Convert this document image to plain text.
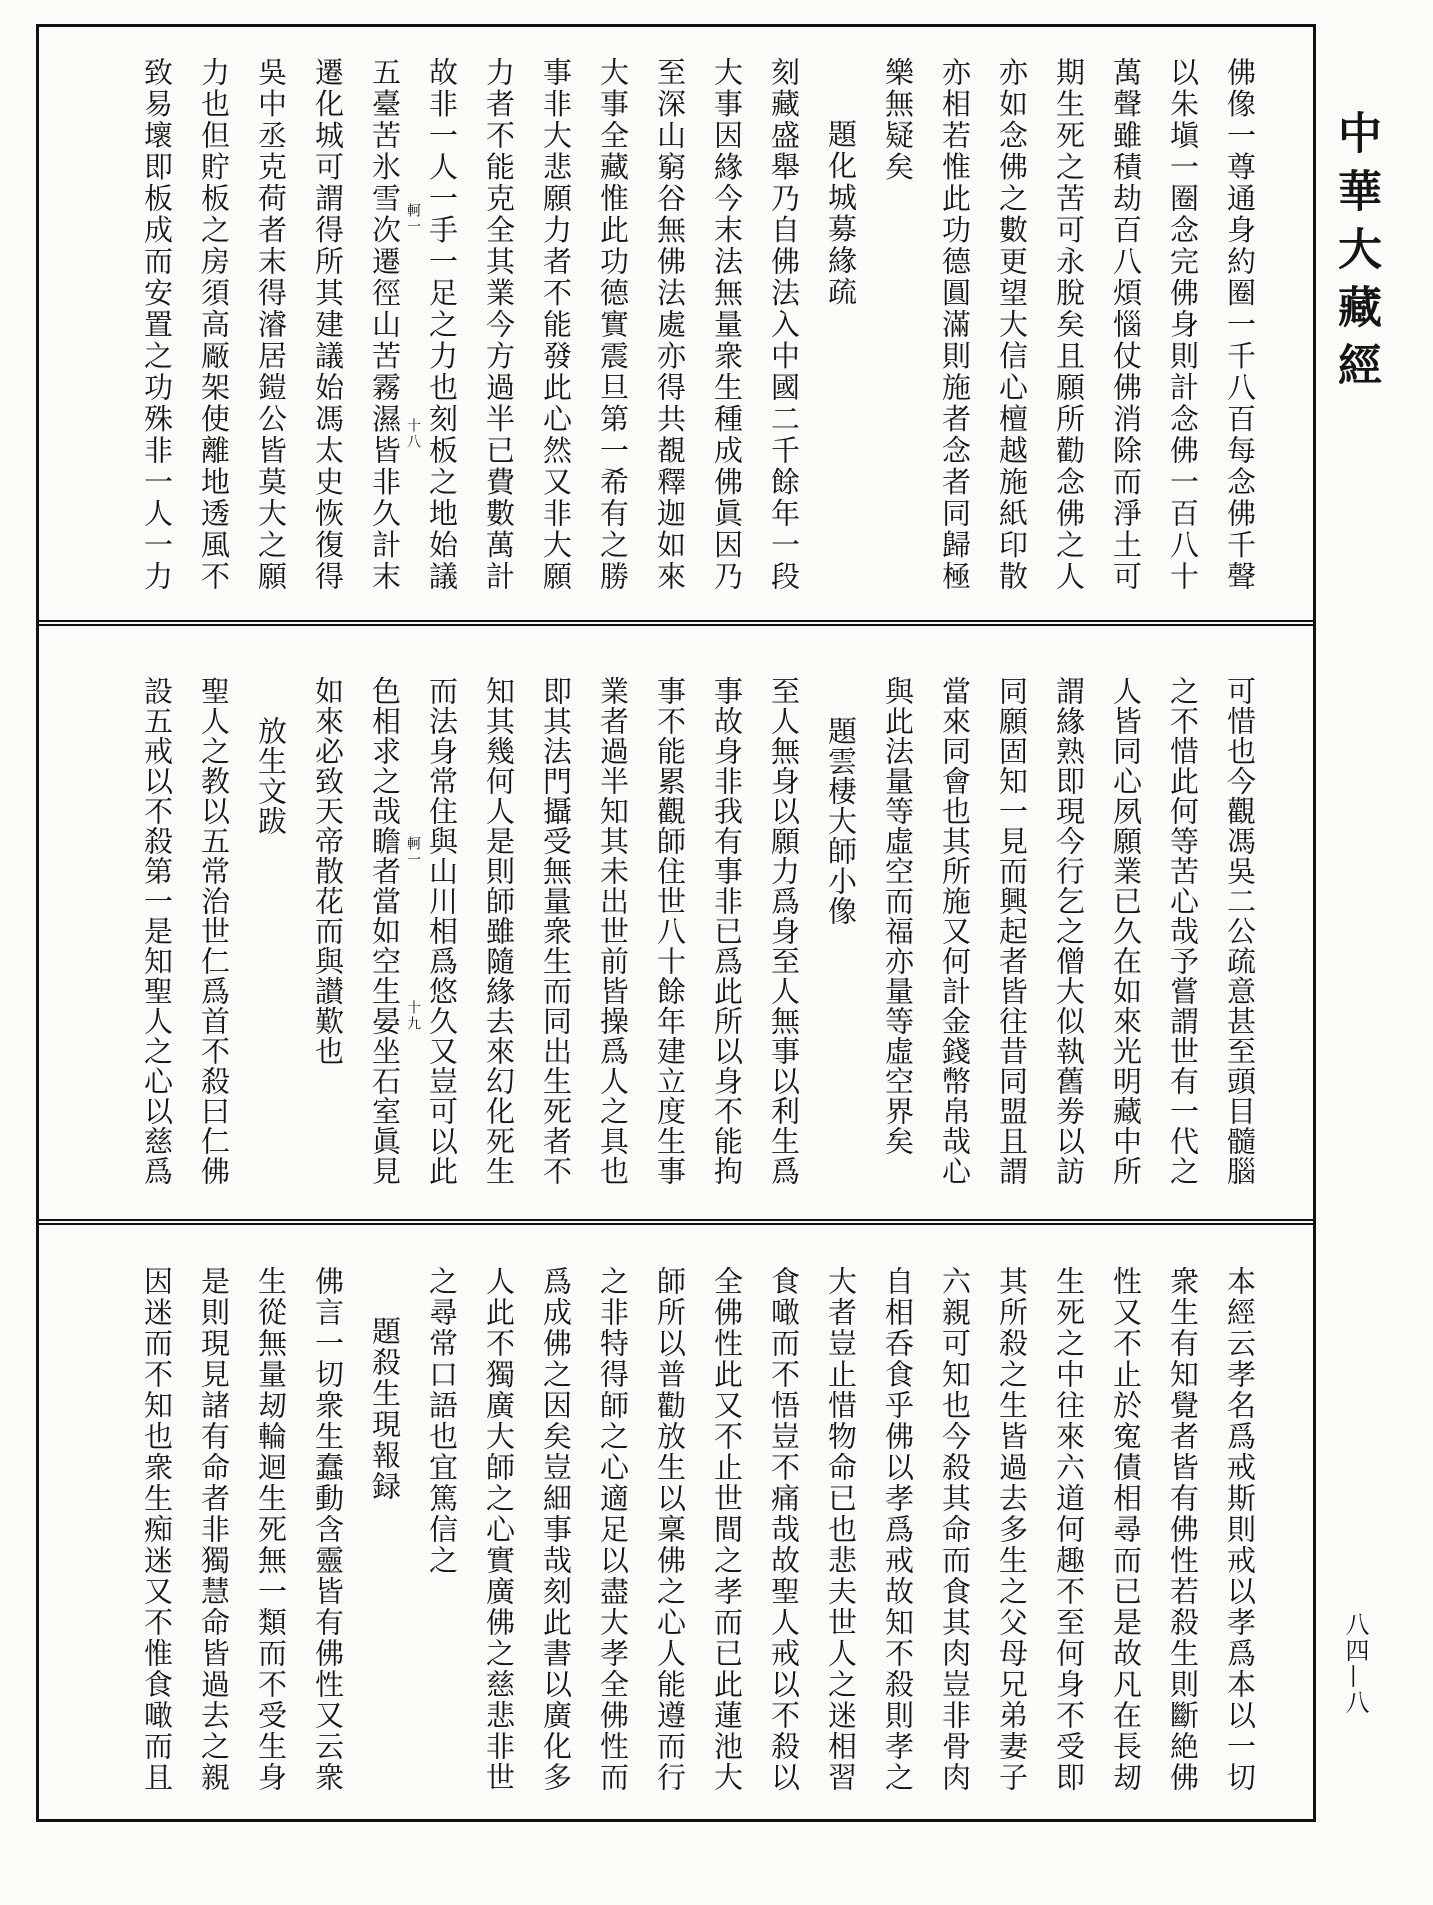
佛像一尊通身約圈一千八百每念佛千聲
以朱塡一圈念完佛身則計念佛一百八十
萬聲雖積劫百八煩惱仗佛消除而淨土可
期生死之苦可永脫矣且願所勸念佛之人
亦如念佛之數更望大信心檀越施紙印散
亦相若惟此功德圓滿則施者念者同歸極
樂無疑矣
題化城募緣疏
刻藏盛舉乃自佛法入中國二千餘年一段
大事因緣今末法無量衆生種成佛眞因乃
至深山窮谷無佛法處亦得共覩釋迦如來
大事全藏惟此功德實震旦第一希有之勝
事非大悲願力者不能發此心然又非大願
力者不能克全其業今方過半已費數萬計
故非一人一手一足之力也刻板之地始議
五臺苦氷雪次遷徑山苦霧濕皆非久計末
遷化城可謂得所其建議始馮太史恢復得
吳中丞克荷者末得濬居鎧公皆莫大之願
力也但貯板之房須高厰架使離地透風不
致易壞即板成而安置之功殊非一人一力	軻一
十八
可惜也今觀馮吳二公疏意甚至頭目髓腦
之不惜此何等苦心哉予嘗謂世有一代之
人皆同心夙願業已久在如來光明藏中所
謂緣熟即現今行乞之僧大似執舊劵以訪
同願固知一見而興起者皆往昔同盟且謂
當來同會也其所施又何計金錢幣帛哉心
與此法量等虛空而福亦量等虛空界矣
題雲棲大師小像
至人無身以願力爲身至人無事以利生爲
事故身非我有事非已爲此所以身不能拘
事不能累觀師住世八十餘年建立度生事
業者過半知其未出世前皆操爲人之具也
即其法門攝受無量衆生而同出生死者不
知其幾何人是則師雖隨緣去來幻化死生
而法身常住與山川相爲悠久又豈可以此
色相求之哉瞻者當如空生晏坐石室眞見
如來必致天帝散花而與讃歎也
放生文跋
聖人之教以五常治世仁爲首不殺曰仁佛
設五戒以不殺第一是知聖人之心以慈爲	軻一
十九
本經云孝名爲戒斯則戒以孝爲本以一切
衆生有知覺者皆有佛性若殺生則斷絶佛
性又不止於寃債相尋而已是故凡在長刼
生死之中往來六道何趣不至何身不受即
其所殺之生皆過去多生之父母兄弟妻子
六親可知也今殺其命而食其肉豈非骨肉
自相呑食乎佛以孝爲戒故知不殺則孝之
大者豈止惜物命已也悲夫世人之迷相習
食噉而不悟豈不痛哉故聖人戒以不殺以
全佛性此又不止世間之孝而已此蓮池大
師所以普勸放生以稟佛之心人能遵而行
之非特得師之心適足以盡大孝全佛性而
爲成佛之因矣豈細事哉刻此書以廣化多
人此不獨廣大師之心實廣佛之慈悲非世
之尋常口語也宜篤信之
題殺生現報録
佛言一切衆生蠢動含靈皆有佛性又云衆
生從無量刼輪迴生死無一類而不受生身
是則現見諸有命者非獨慧命皆過去之親
因迷而不知也衆生痴迷又不惟食噉而且
中華大藏經
八四—八
